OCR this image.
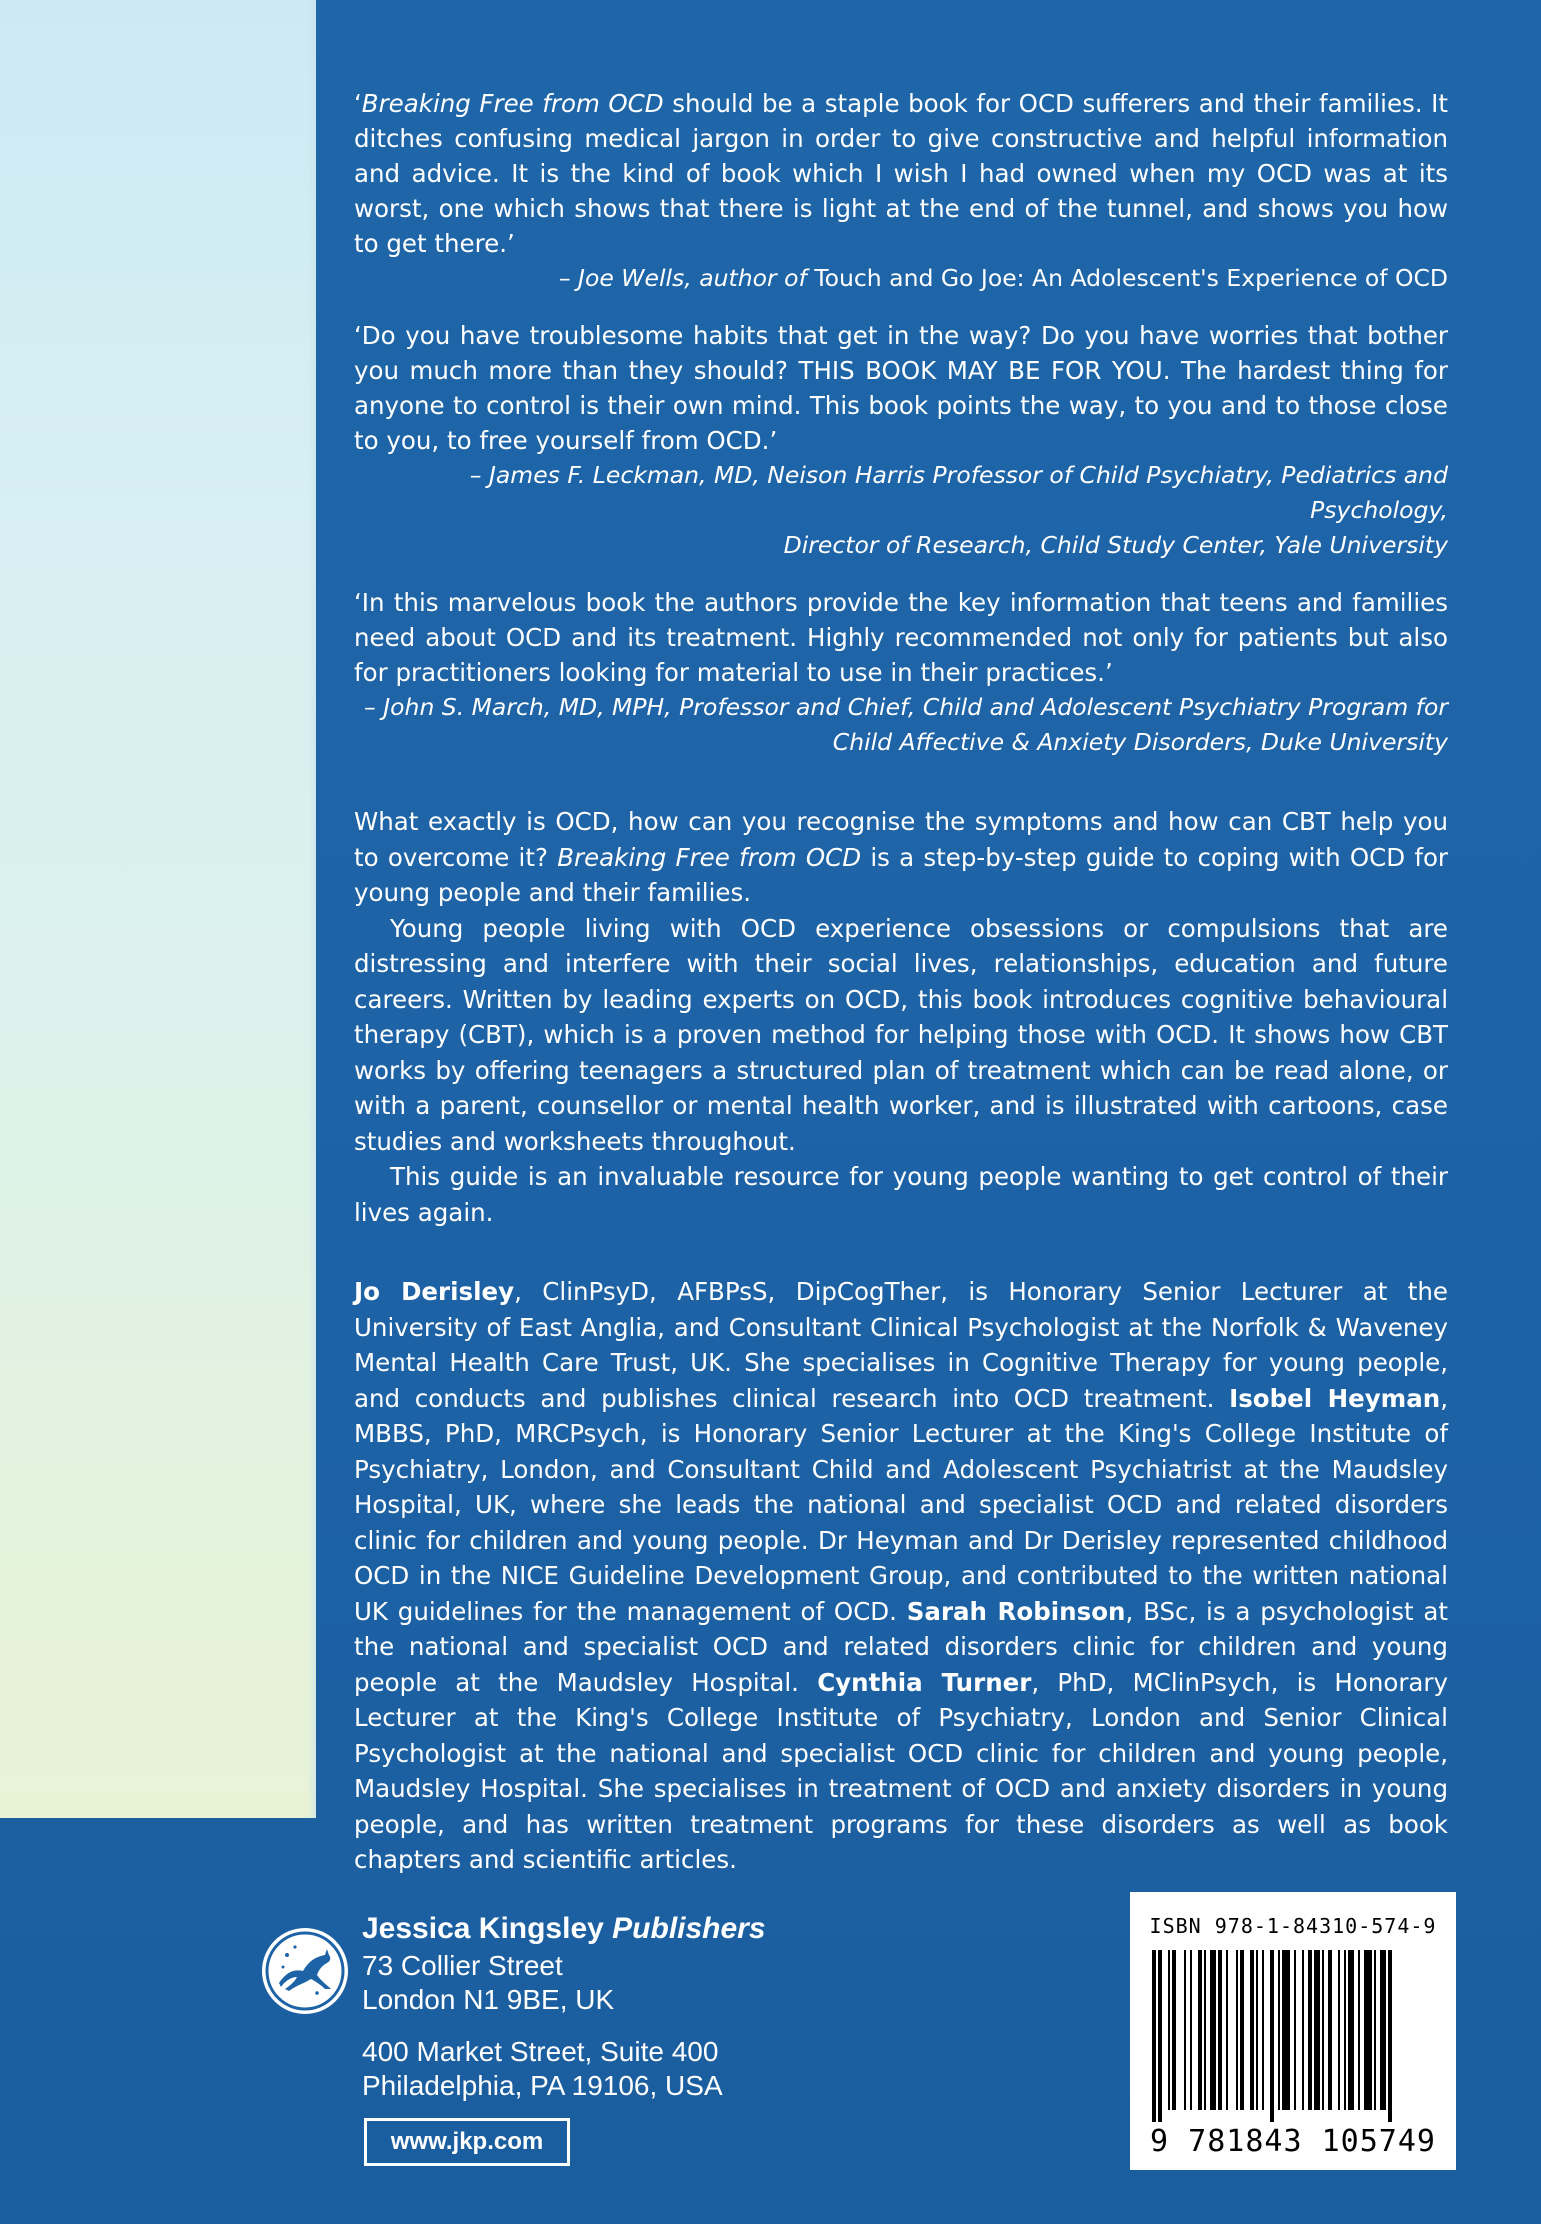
‘Breaking Free from OCD should be a staple book for OCD sufferers and their families. It ditches confusing medical jargon in order to give constructive and helpful information and advice. It is the kind of book which I wish I had owned when my OCD was at its worst, one which shows that there is light at the end of the tunnel, and shows you how to get there.’

– Joe Wells, author of Touch and Go Joe: An Adolescent's Experience of OCD

‘Do you have troublesome habits that get in the way? Do you have worries that bother you much more than they should? THIS BOOK MAY BE FOR YOU. The hardest thing for anyone to control is their own mind. This book points the way, to you and to those close to you, to free yourself from OCD.’

– James F. Leckman, MD, Neison Harris Professor of Child Psychiatry, Pediatrics and Psychology,
Director of Research, Child Study Center, Yale University

‘In this marvelous book the authors provide the key information that teens and families need about OCD and its treatment. Highly recommended not only for patients but also for practitioners looking for material to use in their practices.’

– John S. March, MD, MPH, Professor and Chief, Child and Adolescent Psychiatry Program for
Child Affective & Anxiety Disorders, Duke University

What exactly is OCD, how can you recognise the symptoms and how can CBT help you to overcome it? Breaking Free from OCD is a step-by-step guide to coping with OCD for young people and their families.

Young people living with OCD experience obsessions or compulsions that are distressing and interfere with their social lives, relationships, education and future careers. Written by leading experts on OCD, this book introduces cognitive behavioural therapy (CBT), which is a proven method for helping those with OCD. It shows how CBT works by offering teenagers a structured plan of treatment which can be read alone, or with a parent, counsellor or mental health worker, and is illustrated with cartoons, case studies and worksheets throughout.

This guide is an invaluable resource for young people wanting to get control of their lives again.

Jo Derisley, ClinPsyD, AFBPsS, DipCogTher, is Honorary Senior Lecturer at the University of East Anglia, and Consultant Clinical Psychologist at the Norfolk & Waveney Mental Health Care Trust, UK. She specialises in Cognitive Therapy for young people, and conducts and publishes clinical research into OCD treatment. Isobel Heyman, MBBS, PhD, MRCPsych, is Honorary Senior Lecturer at the King's College Institute of Psychiatry, London, and Consultant Child and Adolescent Psychiatrist at the Maudsley Hospital, UK, where she leads the national and specialist OCD and related disorders clinic for children and young people. Dr Heyman and Dr Derisley represented childhood OCD in the NICE Guideline Development Group, and contributed to the written national UK guidelines for the management of OCD. Sarah Robinson, BSc, is a psychologist at the national and specialist OCD and related disorders clinic for children and young people at the Maudsley Hospital. Cynthia Turner, PhD, MClinPsych, is Honorary Lecturer at the King's College Institute of Psychiatry, London and Senior Clinical Psychologist at the national and specialist OCD clinic for children and young people, Maudsley Hospital. She specialises in treatment of OCD and anxiety disorders in young people, and has written treatment programs for these disorders as well as book chapters and scientific articles.

Jessica Kingsley Publishers
73 Collier Street
London N1 9BE, UK
400 Market Street, Suite 400
Philadelphia, PA 19106, USA
www.jkp.com
ISBN 978-1-84310-574-9
9 781843 105749
